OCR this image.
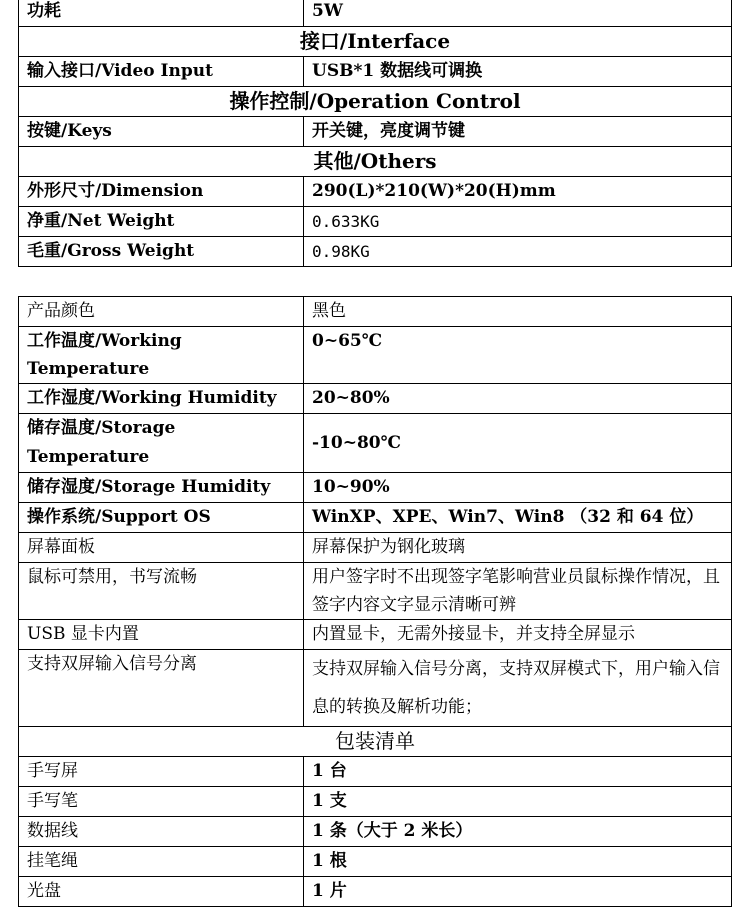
功耗	5W
接口/Interface	
输入接口/Video Input	USB*1 数据线可调换
操作控制/Operation Control	
按键/Keys	开关键，亮度调节键
其他/Others	
外形尺寸/Dimension	290(L)*210(W)*20(H)mm
净重/Net Weight	0.633KG
毛重/Gross Weight	0.98KG
产品颜色	黑色
工作温度/Working Temperature	0~65℃
工作湿度/Working Humidity	20~80%
储存温度/Storage Temperature	-10~80℃
储存湿度/Storage Humidity	10~90%
操作系统/Support OS	WinXP、XPE、Win7、Win8 （32 和 64 位）
屏幕面板	屏幕保护为钢化玻璃
鼠标可禁用，书写流畅	用户签字时不出现签字笔影响营业员鼠标操作情况，且签字内容文字显示清晰可辨
USB 显卡内置	内置显卡，无需外接显卡，并支持全屏显示
支持双屏输入信号分离	支持双屏输入信号分离，支持双屏模式下，用户输入信息的转换及解析功能；
包装清单	
手写屏	1 台
手写笔	1 支
数据线	1 条（大于 2 米长）
挂笔绳	1 根
光盘	1 片
